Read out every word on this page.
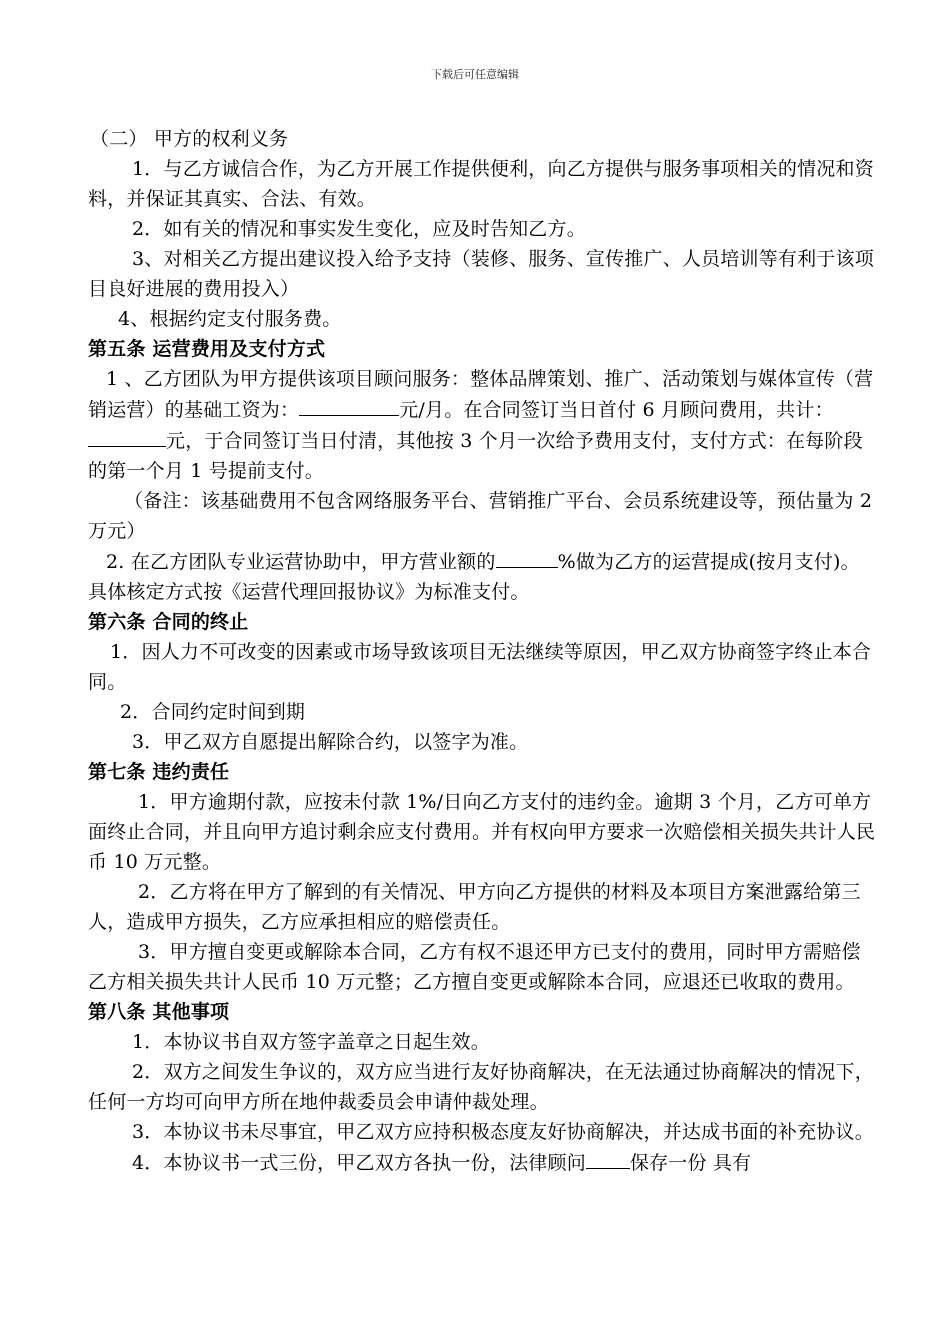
下载后可任意编辑

（二） 甲方的权利义务

1．与乙方诚信合作，为乙方开展工作提供便利，向乙方提供与服务事项相关的情况和资料，并保证其真实、合法、有效。

2．如有关的情况和事实发生变化，应及时告知乙方。

3、对相关乙方提出建议投入给予支持（装修、服务、宣传推广、人员培训等有利于该项目良好进展的费用投入）

4、根据约定支付服务费。

第五条 运营费用及支付方式

1 、乙方团队为甲方提供该项目顾问服务：整体品牌策划、推广、活动策划与媒体宣传（营销运营）的基础工资为：	元/月。在合同签订当日首付 6 月顾问费用，共计：元，于合同签订当日付清，其他按 3 个月一次给予费用支付，支付方式：在每阶段的第一个月 1 号提前支付。

（备注：该基础费用不包含网络服务平台、营销推广平台、会员系统建设等，预估量为 2 万元）

2. 在乙方团队专业运营协助中，甲方营业额的	%做为乙方的运营提成(按月支付)。具体核定方式按《运营代理回报协议》为标准支付。

第六条 合同的终止

1．因人力不可改变的因素或市场导致该项目无法继续等原因，甲乙双方协商签字终止本合同。

2．合同约定时间到期

3．甲乙双方自愿提出解除合约，以签字为准。

第七条 违约责任

1．甲方逾期付款，应按未付款 1%/日向乙方支付的违约金。逾期 3 个月，乙方可单方面终止合同，并且向甲方追讨剩余应支付费用。并有权向甲方要求一次赔偿相关损失共计人民币 10 万元整。

2．乙方将在甲方了解到的有关情况、甲方向乙方提供的材料及本项目方案泄露给第三人，造成甲方损失，乙方应承担相应的赔偿责任。

3．甲方擅自变更或解除本合同，乙方有权不退还甲方已支付的费用，同时甲方需赔偿乙方相关损失共计人民币 10 万元整；乙方擅自变更或解除本合同，应退还已收取的费用。

第八条 其他事项

1．本协议书自双方签字盖章之日起生效。

2．双方之间发生争议的，双方应当进行友好协商解决，在无法通过协商解决的情况下，任何一方均可向甲方所在地仲裁委员会申请仲裁处理。

3．本协议书未尽事宜，甲乙双方应持积极态度友好协商解决，并达成书面的补充协议。

4．本协议书一式三份，甲乙双方各执一份，法律顾问 保存一份 具有
